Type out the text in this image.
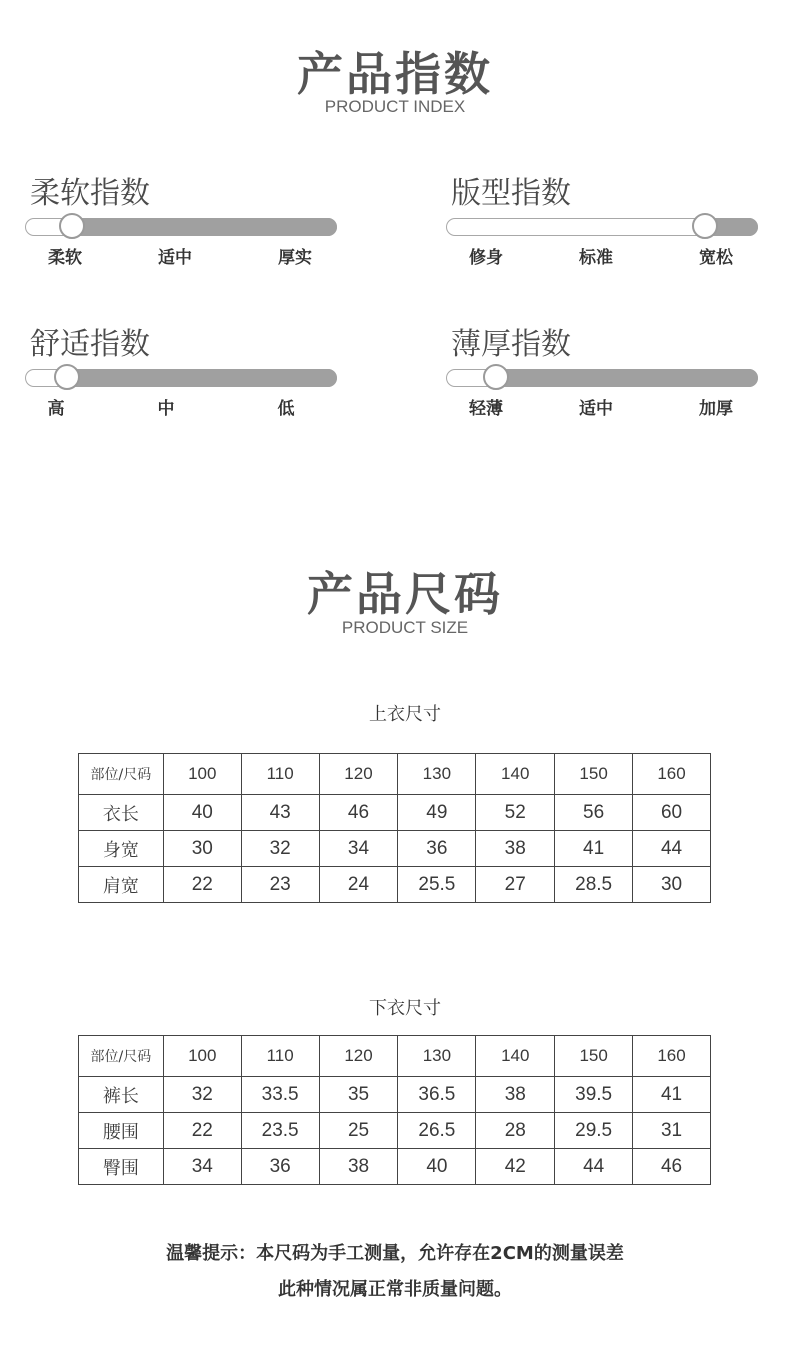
产品指数
PRODUCT INDEX
柔软指数
柔软	适中	厚实
版型指数
修身	标准	宽松
舒适指数
高	中	低
薄厚指数
轻薄	适中	加厚
产品尺码
PRODUCT SIZE
上衣尺寸
部位/尺码	100	110	120	130	140	150	160
衣长	40	43	46	49	52	56	60
身宽	30	32	34	36	38	41	44
肩宽	22	23	24	25.5	27	28.5	30
下衣尺寸
部位/尺码	100	110	120	130	140	150	160
裤长	32	33.5	35	36.5	38	39.5	41
腰围	22	23.5	25	26.5	28	29.5	31
臀围	34	36	38	40	42	44	46
温馨提示：本尺码为手工测量，允许存在2CM的测量误差
此种情况属正常非质量问题。
